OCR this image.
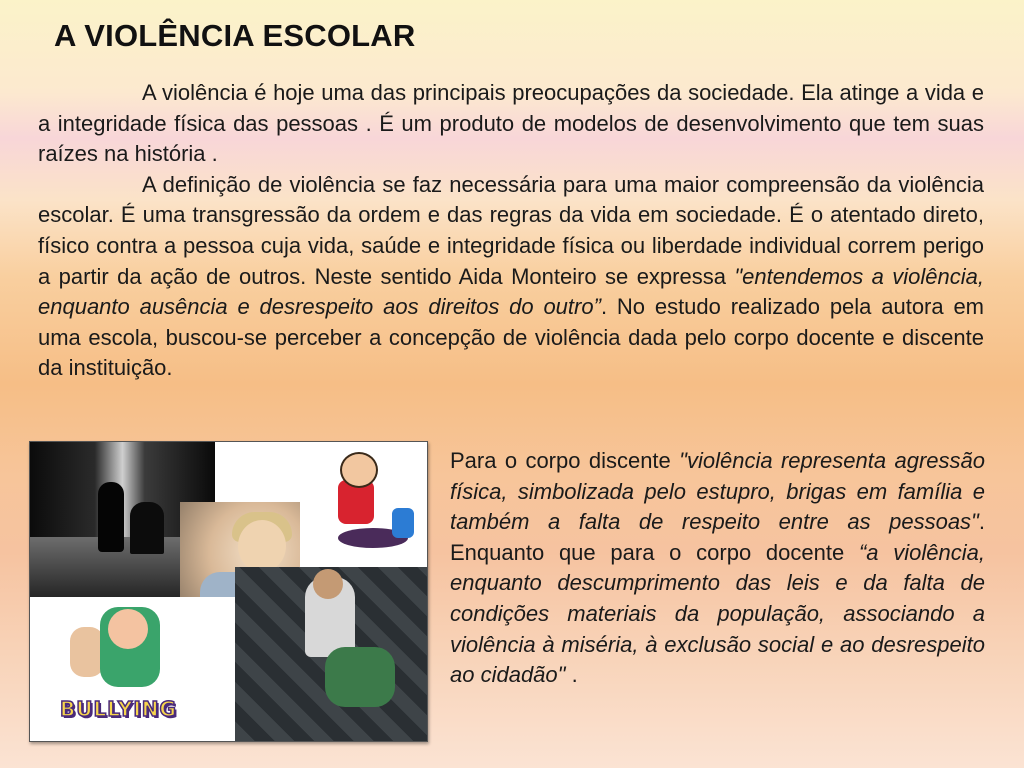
A VIOLÊNCIA ESCOLAR

A violência é hoje uma das principais preocupações da sociedade. Ela atinge a vida e a integridade física das pessoas . É um produto de modelos de desenvolvimento que tem suas raízes na história .

A definição de violência se faz necessária para uma maior compreensão da violência escolar. É uma transgressão da ordem e das regras da vida em sociedade. É o atentado direto, físico contra a pessoa cuja vida, saúde e integridade física ou liberdade individual correm perigo a partir da ação de outros. Neste sentido Aida Monteiro se expressa "entendemos a violência, enquanto ausência e desrespeito aos direitos do outro”. No estudo realizado pela autora em uma escola, buscou-se perceber a concepção de violência dada pelo corpo docente e discente da instituição.

BULLYING

Para o corpo discente "violência representa agressão física, simbolizada pelo estupro, brigas em família e também a falta de respeito entre as pessoas". Enquanto que para o corpo docente “a violência, enquanto descumprimento das leis e da falta de condições materiais da população, associando a violência à miséria, à exclusão social e ao desrespeito ao cidadão" .
